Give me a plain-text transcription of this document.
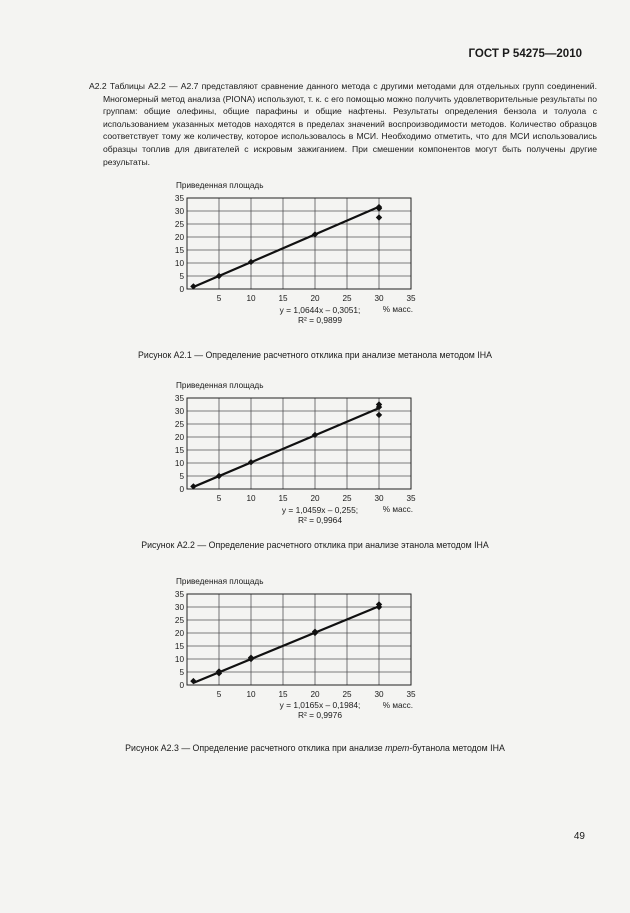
ГОСТ Р 54275—2010
А2.2 Таблицы А2.2 — А2.7 представляют сравнение данного метода с другими методами для отдельных групп соединений. Многомерный метод анализа (PIONA) используют, т. к. с его помощью можно получить удовлетворительные результаты по группам: общие олефины, общие парафины и общие нафтены. Результаты определения бензола и толуола с использованием указанных методов находятся в пределах значений воспроизводимости методов. Количество образцов соответствует тому же количеству, которое использовалось в МСИ. Необходимо отметить, что для МСИ использовались образцы топлив для двигателей с искровым зажиганием. При смешении компонентов могут быть получены другие результаты.
Приведенная площадь
0
5
10
15
20
25
30
35
5	10	15	20	25	30	35
% масс.
y = 1,0644x – 0,3051;
R² = 0,9899
Рисунок А2.1 — Определение расчетного отклика при анализе метанола методом IHA
Приведенная площадь
0
5
10
15
20
25
30
35
5	10	15	20	25	30	35
% масс.
y = 1,0459x – 0,255;
R² = 0,9964
Рисунок А2.2 — Определение расчетного отклика при анализе этанола методом IHA
Приведенная площадь
0
5
10
15
20
25
30
35
5	10	15	20	25	30	35
% масс.
y = 1,0165x – 0,1984;
R² = 0,9976
Рисунок А2.3 — Определение расчетного отклика при анализе трет-бутанола методом IHA
49
